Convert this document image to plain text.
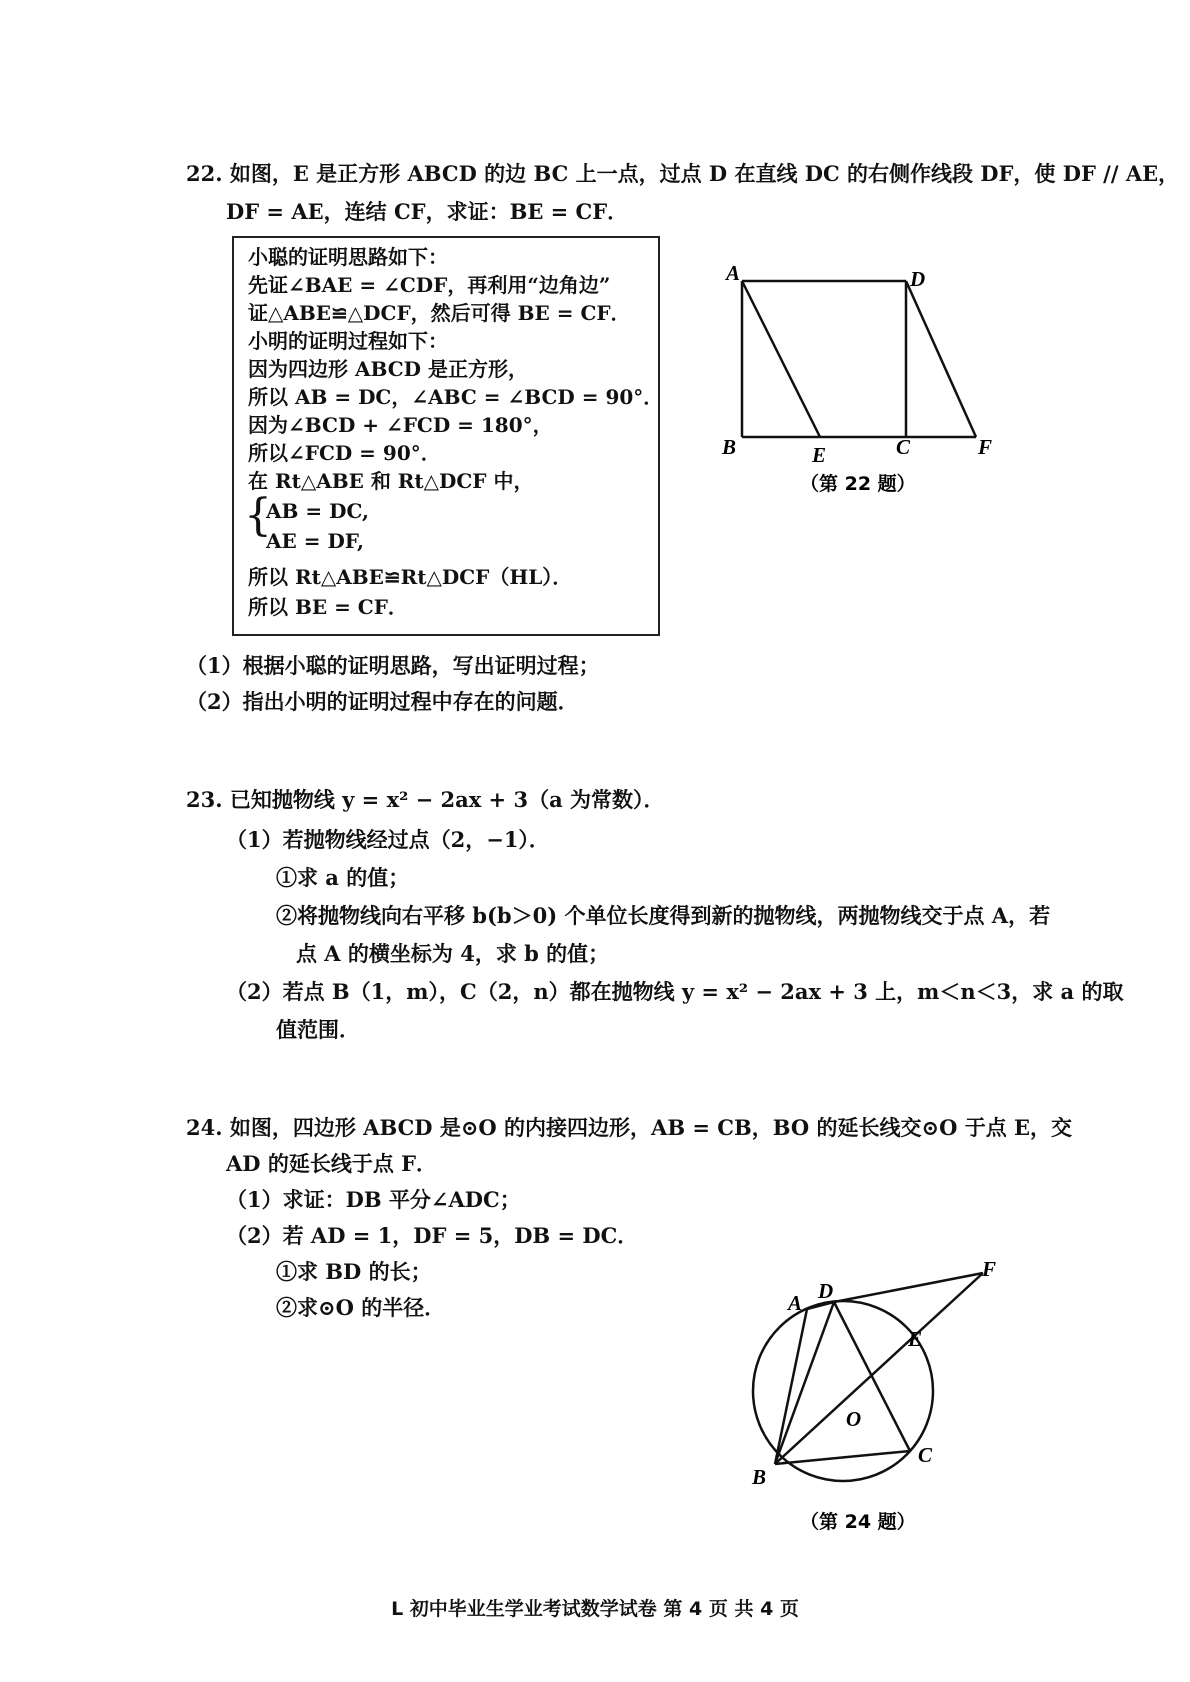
22. 如图，E 是正方形 ABCD 的边 BC 上一点，过点 D 在直线 DC 的右侧作线段 DF，使 DF // AE，
DF = AE，连结 CF，求证：BE = CF．
小聪的证明思路如下：
先证∠BAE = ∠CDF，再利用“边角边”
证△ABE≌△DCF，然后可得 BE = CF．
小明的证明过程如下：
因为四边形 ABCD 是正方形，
所以 AB = DC，∠ABC = ∠BCD = 90°．
因为∠BCD + ∠FCD = 180°，
所以∠FCD = 90°．
在 Rt△ABE 和 Rt△DCF 中，
{
AB = DC,
AE = DF,
所以 Rt△ABE≌Rt△DCF（HL）．
所以 BE = CF．
A	D
B	E	C	F
（第 22 题）
（1）根据小聪的证明思路，写出证明过程；
（2）指出小明的证明过程中存在的问题．
23. 已知抛物线 y = x² − 2ax + 3（a 为常数）．
（1）若抛物线经过点（2，−1）．
①求 a 的值；
②将抛物线向右平移 b(b＞0) 个单位长度得到新的抛物线，两抛物线交于点 A，若
点 A 的横坐标为 4，求 b 的值；
（2）若点 B（1，m），C（2，n）都在抛物线 y = x² − 2ax + 3 上，m＜n＜3，求 a 的取
值范围．
24. 如图，四边形 ABCD 是⊙O 的内接四边形，AB = CB，BO 的延长线交⊙O 于点 E，交
AD 的延长线于点 F．
（1）求证：DB 平分∠ADC；
（2）若 AD = 1，DF = 5，DB = DC．
①求 BD 的长；
②求⊙O 的半径．	A D
F
E
O
C
B
（第 24 题）
L 初中毕业生学业考试数学试卷 第 4 页 共 4 页
